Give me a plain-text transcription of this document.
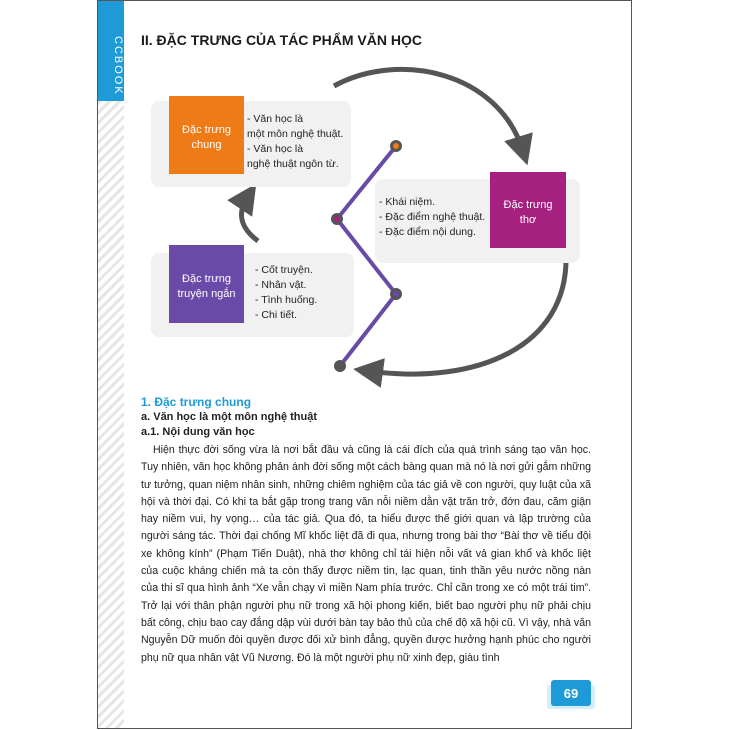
CCBOOK II. ĐẶC TRƯNG CỦA TÁC PHẨM VĂN HỌC
Đặc trưng chung
- Văn học là
một môn nghệ thuật.
- Văn học là
nghệ thuật ngôn từ.
Đặc trưng thơ
- Khái niệm.
- Đặc điểm nghệ thuật.
- Đặc điểm nội dung.
Đặc trưng truyện ngắn
- Cốt truyện.
- Nhân vật.
- Tình huống.
- Chi tiết.

1. Đặc trưng chung

a. Văn học là một môn nghệ thuật

a.1. Nội dung văn học

Hiện thực đời sống vừa là nơi bắt đầu và cũng là cái đích của quá trình sáng tạo văn học. Tuy nhiên, văn học không phản ánh đời sống một cách bàng quan mà nó là nơi gửi gắm những tư tưởng, quan niệm nhân sinh, những chiêm nghiệm của tác giả về con người, quy luật của xã hội và thời đại. Có khi ta bắt gặp trong trang văn nỗi niềm dằn vặt trăn trở, đớn đau, căm giận hay niềm vui, hy vọng… của tác giả. Qua đó, ta hiểu được thế giới quan và lập trường của người sáng tác. Thời đại chống Mĩ khốc liệt đã đi qua, nhưng trong bài thơ “Bài thơ về tiểu đội xe không kính” (Phạm Tiến Duật), nhà thơ không chỉ tái hiện nỗi vất vả gian khổ và khốc liệt của cuộc kháng chiến mà ta còn thấy được niềm tin, lạc quan, tinh thần yêu nước nồng nàn của thi sĩ qua hình ảnh “Xe vẫn chạy vì miền Nam phía trước. Chỉ cần trong xe có một trái tim”. Trở lại với thân phận người phụ nữ trong xã hội phong kiến, biết bao người phụ nữ phải chịu bất công, chịu bao cay đắng dập vùi dưới bàn tay bảo thủ của chế độ xã hội cũ. Vì vậy, nhà văn Nguyễn Dữ muốn đòi quyền được đối xử bình đẳng, quyền được hưởng hạnh phúc cho người phụ nữ qua nhân vật Vũ Nương. Đó là một người phụ nữ xinh đẹp, giàu tình

69
